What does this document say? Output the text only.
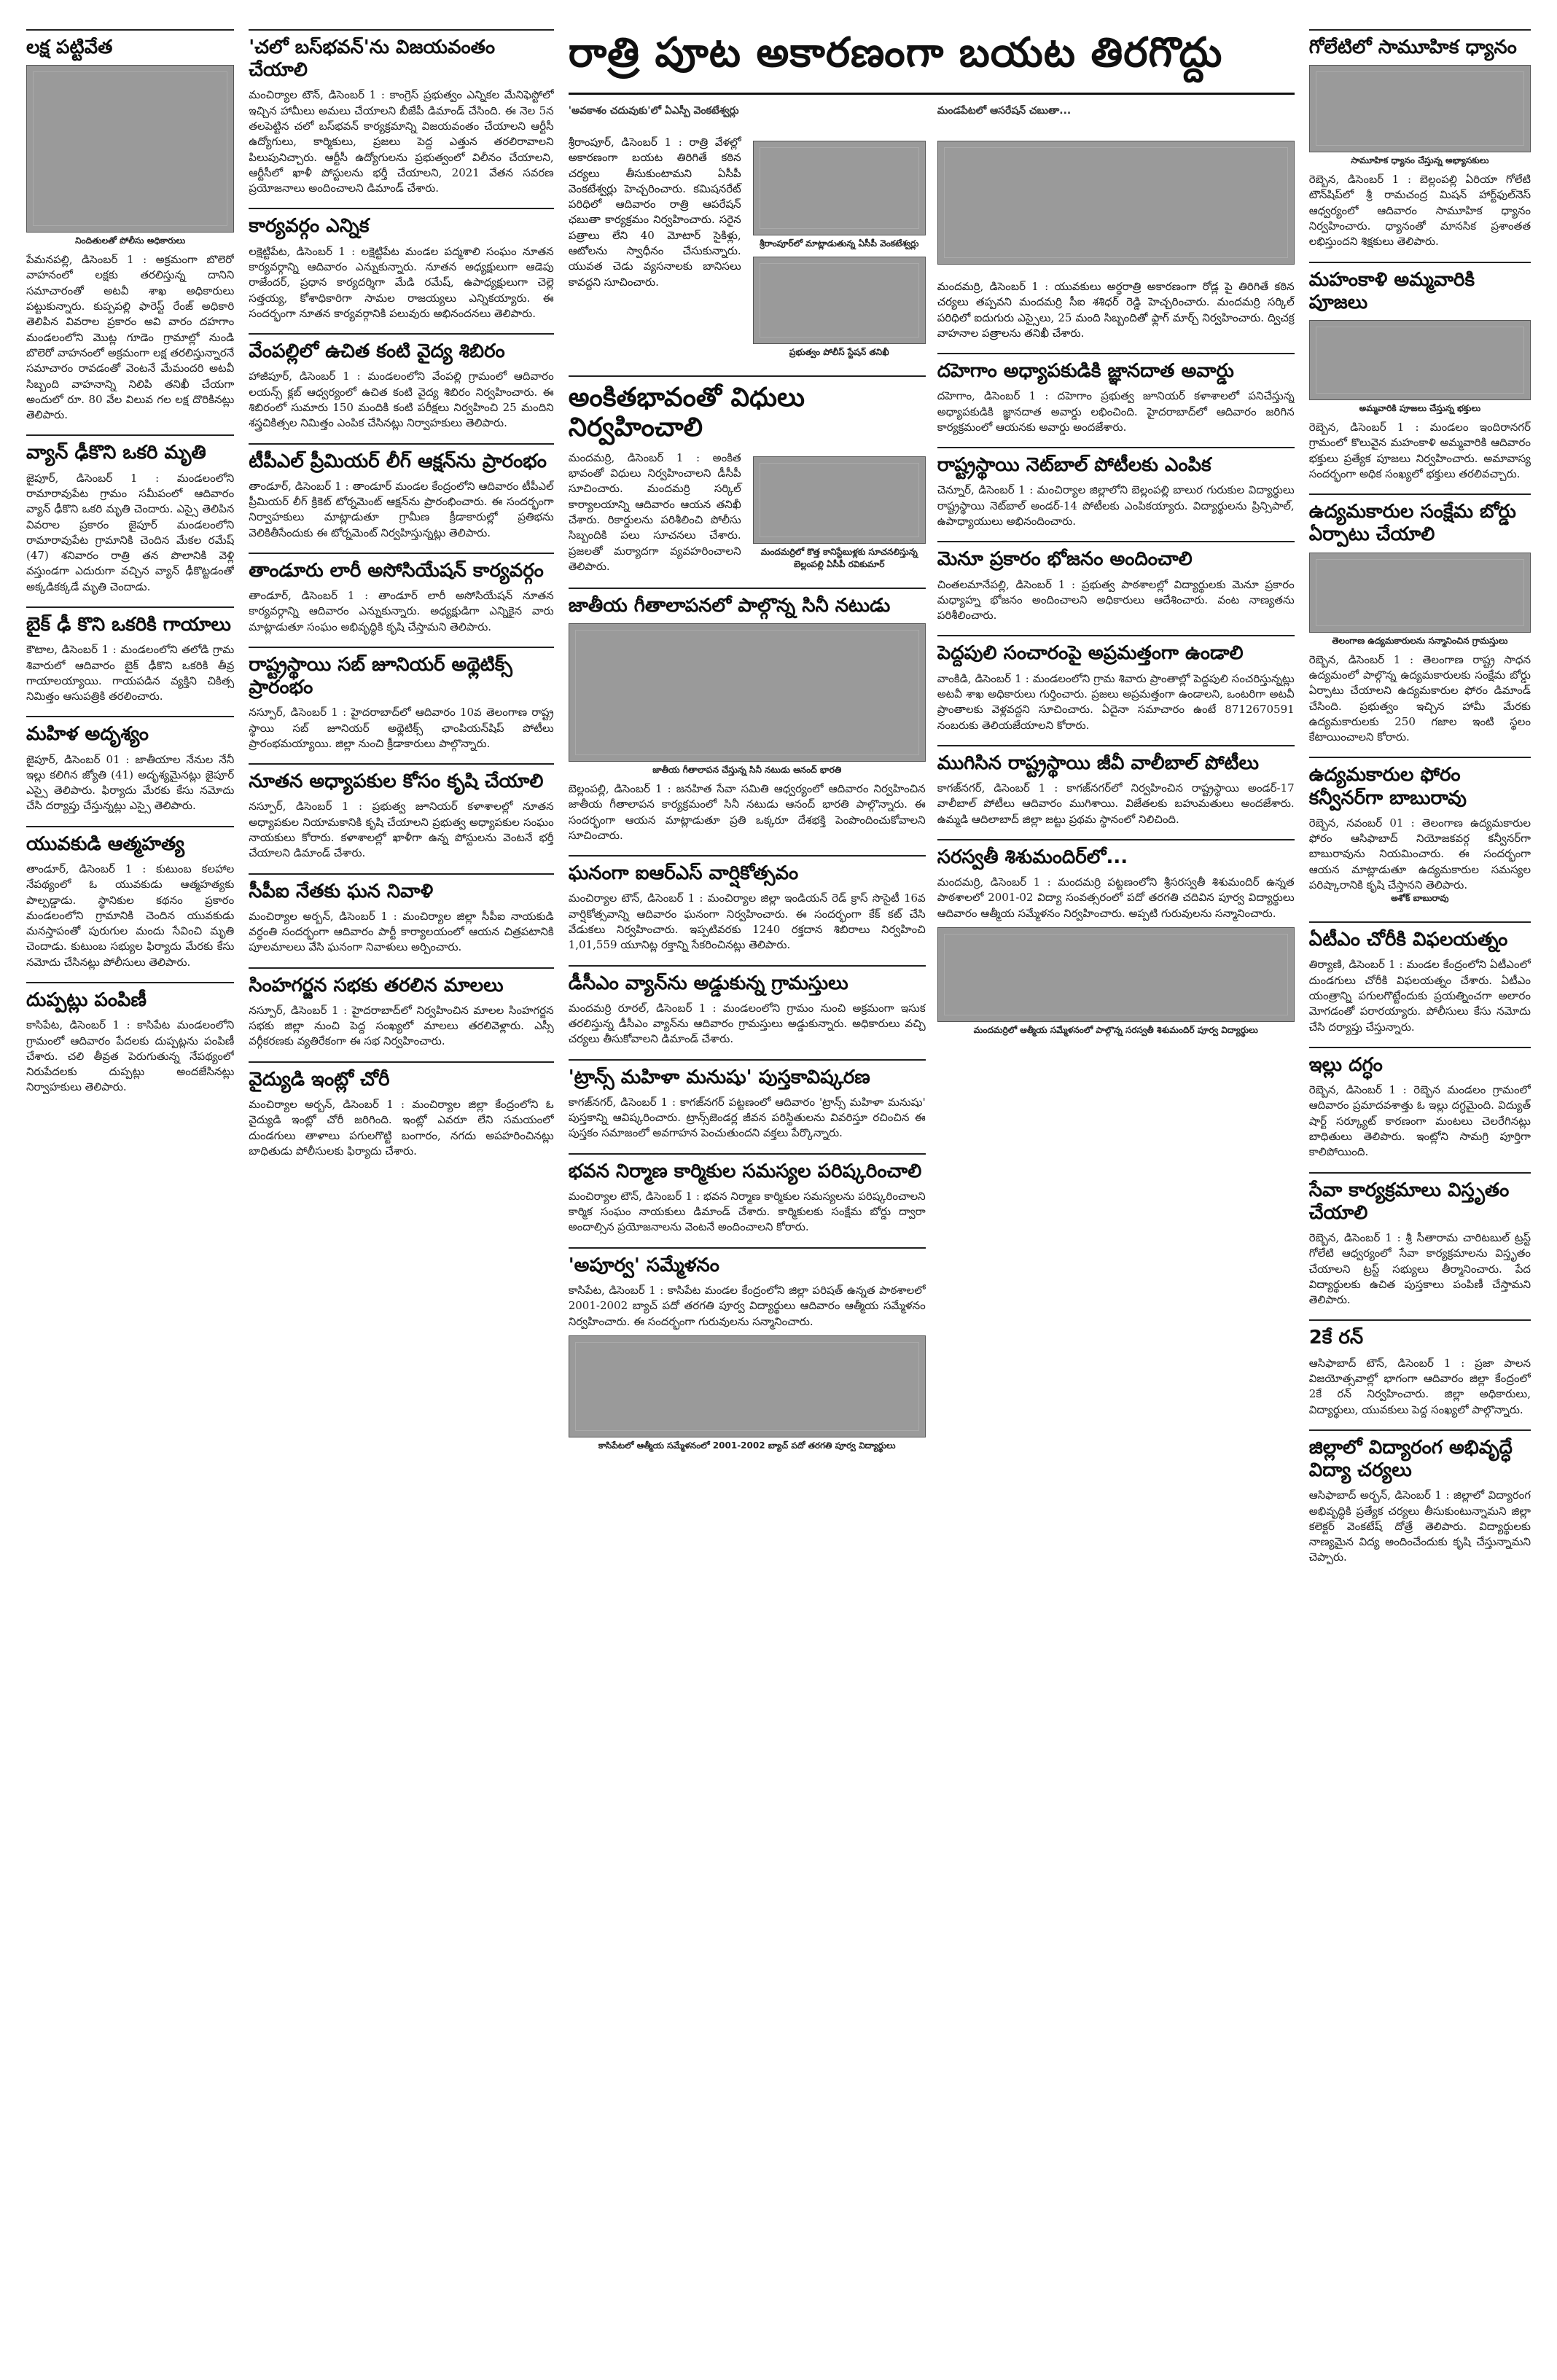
లక్ష పట్టివేత
నిందితులతో పోలీసు అధికారులు

పేమనపల్లి, డిసెంబర్ 1 : అక్రమంగా బొలెరో వాహనంలో లక్షకు తరలిస్తున్న దానిని సమాచారంతో అటవీ శాఖ అధికారులు పట్టుకున్నారు. కుప్పపల్లి ఫారెస్ట్ రేంజ్ అధికారి తెలిపిన వివరాల ప్రకారం అవి వారం దహగాం మండలంలోని మొట్ల గూడెం గ్రామాల్లో నుండి బొలెరో వాహనంలో అక్రమంగా లక్ష తరలిస్తున్నారనే సమాచారం రావడంతో వెంటనే మేమందరి అటవీ సిబ్బంది వాహనాన్ని నిలిపి తనిఖీ చేయగా అందులో రూ. 80 వేల విలువ గల లక్ష దొరికినట్లు తెలిపారు.

వ్యాన్ ఢీకొని ఒకరి మృతి

జైపూర్, డిసెంబర్ 1 : మండలంలోని రామారావుపేట గ్రామం సమీపంలో ఆదివారం వ్యాన్ ఢీకొని ఒకరి మృతి చెందారు. ఎస్సై తెలిపిన వివరాల ప్రకారం జైపూర్ మండలంలోని రామారావుపేట గ్రామానికి చెందిన మేకల రమేష్ (47) శనివారం రాత్రి తన పొలానికి వెళ్లి వస్తుండగా ఎదురుగా వచ్చిన వ్యాన్ ఢీకొట్టడంతో అక్కడికక్కడే మృతి చెందాడు.

బైక్ ఢీ కొని ఒకరికి గాయాలు

కౌటాల, డిసెంబర్ 1 : మండలంలోని తలోడి గ్రామ శివారులో ఆదివారం బైక్ ఢీకొని ఒకరికి తీవ్ర గాయాలయ్యాయి. గాయపడిన వ్యక్తిని చికిత్స నిమిత్తం ఆసుపత్రికి తరలించారు.

మహిళ అదృశ్యం

జైపూర్, డిసెంబర్ 01 : జాతీయాల నేనుల నేనీ ఇల్లు కలిగిన జ్యోతి (41) అదృశ్యమైనట్లు జైపూర్ ఎస్సై తెలిపారు. ఫిర్యాదు మేరకు కేసు నమోదు చేసి దర్యాప్తు చేస్తున్నట్లు ఎస్సై తెలిపారు.

యువకుడి ఆత్మహత్య

తాండూర్, డిసెంబర్ 1 : కుటుంబ కలహాల నేపథ్యంలో ఓ యువకుడు ఆత్మహత్యకు పాల్పడ్డాడు. స్థానికుల కథనం ప్రకారం మండలంలోని గ్రామానికి చెందిన యువకుడు మనస్తాపంతో పురుగుల మందు సేవించి మృతి చెందాడు. కుటుంబ సభ్యుల ఫిర్యాదు మేరకు కేసు నమోదు చేసినట్లు పోలీసులు తెలిపారు.

దుప్పట్లు పంపిణీ

కాసిపేట, డిసెంబర్ 1 : కాసిపేట మండలంలోని గ్రామంలో ఆదివారం పేదలకు దుప్పట్లను పంపిణీ చేశారు. చలి తీవ్రత పెరుగుతున్న నేపథ్యంలో నిరుపేదలకు దుప్పట్లు అందజేసినట్లు నిర్వాహకులు తెలిపారు.

'చలో బస్‌భవన్'ను విజయవంతం చేయాలి

మంచిర్యాల టౌన్, డిసెంబర్ 1 : కాంగ్రెస్ ప్రభుత్వం ఎన్నికల మేనిఫెస్టోలో ఇచ్చిన హామీలు అమలు చేయాలని బీజేపీ డిమాండ్ చేసింది. ఈ నెల 5న తలపెట్టిన చలో బస్‌భవన్ కార్యక్రమాన్ని విజయవంతం చేయాలని ఆర్టీసీ ఉద్యోగులు, కార్మికులు, ప్రజలు పెద్ద ఎత్తున తరలిరావాలని పిలుపునిచ్చారు. ఆర్టీసీ ఉద్యోగులను ప్రభుత్వంలో విలీనం చేయాలని, ఆర్టీసీలో ఖాళీ పోస్టులను భర్తీ చేయాలని, 2021 వేతన సవరణ ప్రయోజనాలు అందించాలని డిమాండ్ చేశారు.

కార్యవర్గం ఎన్నిక

లక్షెట్టిపేట, డిసెంబర్ 1 : లక్షెట్టిపేట మండల పద్మశాలి సంఘం నూతన కార్యవర్గాన్ని ఆదివారం ఎన్నుకున్నారు. నూతన అధ్యక్షులుగా ఆడెపు రాజేందర్, ప్రధాన కార్యదర్శిగా మేడి రమేష్, ఉపాధ్యక్షులుగా చెల్లె సత్తయ్య, కోశాధికారిగా సామల రాజయ్యలు ఎన్నికయ్యారు. ఈ సందర్భంగా నూతన కార్యవర్గానికి పలువురు అభినందనలు తెలిపారు.

వేంపల్లిలో ఉచిత కంటి వైద్య శిబిరం

హాజీపూర్, డిసెంబర్ 1 : మండలంలోని వేంపల్లి గ్రామంలో ఆదివారం లయన్స్ క్లబ్ ఆధ్వర్యంలో ఉచిత కంటి వైద్య శిబిరం నిర్వహించారు. ఈ శిబిరంలో సుమారు 150 మందికి కంటి పరీక్షలు నిర్వహించి 25 మందిని శస్త్రచికిత్సల నిమిత్తం ఎంపిక చేసినట్లు నిర్వాహకులు తెలిపారు.

టీపీఎల్ ప్రీమియర్ లీగ్ ఆక్షన్‌ను ప్రారంభం

తాండూర్, డిసెంబర్ 1 : తాండూర్ మండల కేంద్రంలోని ఆదివారం టీపీఎల్ ప్రీమియర్ లీగ్ క్రికెట్ టోర్నమెంట్ ఆక్షన్‌ను ప్రారంభించారు. ఈ సందర్భంగా నిర్వాహకులు మాట్లాడుతూ గ్రామీణ క్రీడాకారుల్లో ప్రతిభను వెలికితీసేందుకు ఈ టోర్నమెంట్ నిర్వహిస్తున్నట్లు తెలిపారు.

తాండూరు లారీ అసోసియేషన్ కార్యవర్గం

తాండూర్, డిసెంబర్ 1 : తాండూర్ లారీ అసోసియేషన్ నూతన కార్యవర్గాన్ని ఆదివారం ఎన్నుకున్నారు. అధ్యక్షుడిగా ఎన్నికైన వారు మాట్లాడుతూ సంఘం అభివృద్ధికి కృషి చేస్తామని తెలిపారు.

రాష్ట్రస్థాయి సబ్ జూనియర్ అథ్లెటిక్స్ ప్రారంభం

నస్పూర్, డిసెంబర్ 1 : హైదరాబాద్‌లో ఆదివారం 10వ తెలంగాణ రాష్ట్ర స్థాయి సబ్ జూనియర్ అథ్లెటిక్స్ ఛాంపియన్‌షిప్ పోటీలు ప్రారంభమయ్యాయి. జిల్లా నుంచి క్రీడాకారులు పాల్గొన్నారు.

నూతన అధ్యాపకుల కోసం కృషి చేయాలి

నస్పూర్, డిసెంబర్ 1 : ప్రభుత్వ జూనియర్ కళాశాలల్లో నూతన అధ్యాపకుల నియామకానికి కృషి చేయాలని ప్రభుత్వ అధ్యాపకుల సంఘం నాయకులు కోరారు. కళాశాలల్లో ఖాళీగా ఉన్న పోస్టులను వెంటనే భర్తీ చేయాలని డిమాండ్ చేశారు.

సీపీఐ నేతకు ఘన నివాళి

మంచిర్యాల అర్బన్, డిసెంబర్ 1 : మంచిర్యాల జిల్లా సీపీఐ నాయకుడి వర్ధంతి సందర్భంగా ఆదివారం పార్టీ కార్యాలయంలో ఆయన చిత్రపటానికి పూలమాలలు వేసి ఘనంగా నివాళులు అర్పించారు.

సింహగర్జన సభకు తరలిన మాలలు

నస్పూర్, డిసెంబర్ 1 : హైదరాబాద్‌లో నిర్వహించిన మాలల సింహగర్జన సభకు జిల్లా నుంచి పెద్ద సంఖ్యలో మాలలు తరలివెళ్లారు. ఎస్సీ వర్గీకరణకు వ్యతిరేకంగా ఈ సభ నిర్వహించారు.

వైద్యుడి ఇంట్లో చోరీ

మంచిర్యాల అర్బన్, డిసెంబర్ 1 : మంచిర్యాల జిల్లా కేంద్రంలోని ఓ వైద్యుడి ఇంట్లో చోరీ జరిగింది. ఇంట్లో ఎవరూ లేని సమయంలో దుండగులు తాళాలు పగులగొట్టి బంగారం, నగదు అపహరించినట్లు బాధితుడు పోలీసులకు ఫిర్యాదు చేశారు.

రాత్రి పూట అకారణంగా బయట తిరగొద్దు
'అవకాశం చదువుకు'లో ఏఎస్పీ వెంకటేశ్వర్లు

శ్రీరాంపూర్, డిసెంబర్ 1 : రాత్రి వేళల్లో అకారణంగా బయట తిరిగితే కఠిన చర్యలు తీసుకుంటామని ఏసీపీ వెంకటేశ్వర్లు హెచ్చరించారు. కమిషనరేట్ పరిధిలో ఆదివారం రాత్రి ఆపరేషన్ ఛబుతా కార్యక్రమం నిర్వహించారు. సరైన పత్రాలు లేని 40 మోటార్ సైకిళ్లు, ఆటోలను స్వాధీనం చేసుకున్నారు. యువత చెడు వ్యసనాలకు బానిసలు కావద్దని సూచించారు.

శ్రీరాంపూర్‌లో మాట్లాడుతున్న ఏసీపీ వెంకటేశ్వర్లు
ప్రభుత్వం పోలీస్ స్టేషన్ తనిఖీ
అంకితభావంతో విధులు నిర్వహించాలి

మందమర్రి, డిసెంబర్ 1 : అంకిత భావంతో విధులు నిర్వహించాలని డీసీపీ సూచించారు. మందమర్రి సర్కిల్ కార్యాలయాన్ని ఆదివారం ఆయన తనిఖీ చేశారు. రికార్డులను పరిశీలించి పోలీసు సిబ్బందికి పలు సూచనలు చేశారు. ప్రజలతో మర్యాదగా వ్యవహరించాలని తెలిపారు.

మందమర్రిలో కొత్త కానిస్టేబుళ్లకు సూచనలిస్తున్న బెల్లంపల్లి ఏసీపీ రవికుమార్
జాతీయ గీతాలాపనలో పాల్గొన్న సినీ నటుడు
జాతీయ గీతాలాపన చేస్తున్న సినీ నటుడు ఆనంద్ భారతి

బెల్లంపల్లి, డిసెంబర్ 1 : జనహిత సేవా సమితి ఆధ్వర్యంలో ఆదివారం నిర్వహించిన జాతీయ గీతాలాపన కార్యక్రమంలో సినీ నటుడు ఆనంద్ భారతి పాల్గొన్నారు. ఈ సందర్భంగా ఆయన మాట్లాడుతూ ప్రతి ఒక్కరూ దేశభక్తి పెంపొందించుకోవాలని సూచించారు.

ఘనంగా ఐఆర్ఎస్ వార్షికోత్సవం

మంచిర్యాల టౌన్, డిసెంబర్ 1 : మంచిర్యాల జిల్లా ఇండియన్ రెడ్ క్రాస్ సొసైటీ 16వ వార్షికోత్సవాన్ని ఆదివారం ఘనంగా నిర్వహించారు. ఈ సందర్భంగా కేక్ కట్ చేసి వేడుకలు నిర్వహించారు. ఇప్పటివరకు 1240 రక్తదాన శిబిరాలు నిర్వహించి 1,01,559 యూనిట్ల రక్తాన్ని సేకరించినట్లు తెలిపారు.

డీసీఎం వ్యాన్‌ను అడ్డుకున్న గ్రామస్తులు

మందమర్రి రూరల్, డిసెంబర్ 1 : మండలంలోని గ్రామం నుంచి అక్రమంగా ఇసుక తరలిస్తున్న డీసీఎం వ్యాన్‌ను ఆదివారం గ్రామస్తులు అడ్డుకున్నారు. అధికారులు వచ్చి చర్యలు తీసుకోవాలని డిమాండ్ చేశారు.

'ట్రాన్స్ మహిళా మనుషు' పుస్తకావిష్కరణ

కాగజ్‌నగర్, డిసెంబర్ 1 : కాగజ్‌నగర్ పట్టణంలో ఆదివారం 'ట్రాన్స్ మహిళా మనుషు' పుస్తకాన్ని ఆవిష్కరించారు. ట్రాన్స్‌జెండర్ల జీవన పరిస్థితులను వివరిస్తూ రచించిన ఈ పుస్తకం సమాజంలో అవగాహన పెంచుతుందని వక్తలు పేర్కొన్నారు.

భవన నిర్మాణ కార్మికుల సమస్యల పరిష్కరించాలి

మంచిర్యాల టౌన్, డిసెంబర్ 1 : భవన నిర్మాణ కార్మికుల సమస్యలను పరిష్కరించాలని కార్మిక సంఘం నాయకులు డిమాండ్ చేశారు. కార్మికులకు సంక్షేమ బోర్డు ద్వారా అందాల్సిన ప్రయోజనాలను వెంటనే అందించాలని కోరారు.

'అపూర్వ' సమ్మేళనం

కాసిపేట, డిసెంబర్ 1 : కాసిపేట మండల కేంద్రంలోని జిల్లా పరిషత్ ఉన్నత పాఠశాలలో 2001-2002 బ్యాచ్ పదో తరగతి పూర్వ విద్యార్థులు ఆదివారం ఆత్మీయ సమ్మేళనం నిర్వహించారు. ఈ సందర్భంగా గురువులను సన్మానించారు.

కాసిపేటలో ఆత్మీయ సమ్మేళనంలో 2001-2002 బ్యాచ్ పదో తరగతి పూర్వ విద్యార్థులు
మండపేటలో ఆసరేషన్ చబుతా...

మందమర్రి, డిసెంబర్ 1 : యువకులు అర్ధరాత్రి అకారణంగా రోడ్ల పై తిరిగితే కఠిన చర్యలు తప్పవని మందమర్రి సీఐ శశిధర్ రెడ్డి హెచ్చరించారు. మందమర్రి సర్కిల్ పరిధిలో ఐదుగురు ఎస్సైలు, 25 మంది సిబ్బందితో ఫ్లాగ్ మార్చ్ నిర్వహించారు. ద్విచక్ర వాహనాల పత్రాలను తనిఖీ చేశారు.

దహెగాం అధ్యాపకుడికి జ్ఞానదాత అవార్డు

దహెగాం, డిసెంబర్ 1 : దహెగాం ప్రభుత్వ జూనియర్ కళాశాలలో పనిచేస్తున్న అధ్యాపకుడికి జ్ఞానదాత అవార్డు లభించింది. హైదరాబాద్‌లో ఆదివారం జరిగిన కార్యక్రమంలో ఆయనకు అవార్డు అందజేశారు.

రాష్ట్రస్థాయి నెట్‌బాల్ పోటీలకు ఎంపిక

చెన్నూర్, డిసెంబర్ 1 : మంచిర్యాల జిల్లాలోని బెల్లంపల్లి బాలుర గురుకుల విద్యార్థులు రాష్ట్రస్థాయి నెట్‌బాల్ అండర్-14 పోటీలకు ఎంపికయ్యారు. విద్యార్థులను ప్రిన్సిపాల్, ఉపాధ్యాయులు అభినందించారు.

మెనూ ప్రకారం భోజనం అందించాలి

చింతలమానేపల్లి, డిసెంబర్ 1 : ప్రభుత్వ పాఠశాలల్లో విద్యార్థులకు మెనూ ప్రకారం మధ్యాహ్న భోజనం అందించాలని అధికారులు ఆదేశించారు. వంట నాణ్యతను పరిశీలించారు.

పెద్దపులి సంచారంపై అప్రమత్తంగా ఉండాలి

వాంకిడి, డిసెంబర్ 1 : మండలంలోని గ్రామ శివారు ప్రాంతాల్లో పెద్దపులి సంచరిస్తున్నట్లు అటవీ శాఖ అధికారులు గుర్తించారు. ప్రజలు అప్రమత్తంగా ఉండాలని, ఒంటరిగా అటవీ ప్రాంతాలకు వెళ్లవద్దని సూచించారు. ఏదైనా సమాచారం ఉంటే 8712670591 నంబరుకు తెలియజేయాలని కోరారు.

ముగిసిన రాష్ట్రస్థాయి జీవీ వాలీబాల్ పోటీలు

కాగజ్‌నగర్, డిసెంబర్ 1 : కాగజ్‌నగర్‌లో నిర్వహించిన రాష్ట్రస్థాయి అండర్-17 వాలీబాల్ పోటీలు ఆదివారం ముగిశాయి. విజేతలకు బహుమతులు అందజేశారు. ఉమ్మడి ఆదిలాబాద్ జిల్లా జట్టు ప్రథమ స్థానంలో నిలిచింది.

సరస్వతీ శిశుమందిర్‌లో...

మందమర్రి, డిసెంబర్ 1 : మందమర్రి పట్టణంలోని శ్రీసరస్వతీ శిశుమందిర్ ఉన్నత పాఠశాలలో 2001-02 విద్యా సంవత్సరంలో పదో తరగతి చదివిన పూర్వ విద్యార్థులు ఆదివారం ఆత్మీయ సమ్మేళనం నిర్వహించారు. అప్పటి గురువులను సన్మానించారు.

మందమర్రిలో ఆత్మీయ సమ్మేళనంలో పాల్గొన్న సరస్వతీ శిశుమందిర్ పూర్వ విద్యార్థులు
గోలేటిలో సామూహిక ధ్యానం
సామూహిక ధ్యానం చేస్తున్న అభ్యాసకులు

రెబ్బెన, డిసెంబర్ 1 : బెల్లంపల్లి ఏరియా గోలేటి టౌన్‌షిప్‌లో శ్రీ రామచంద్ర మిషన్ హార్ట్‌ఫుల్‌నెస్ ఆధ్వర్యంలో ఆదివారం సామూహిక ధ్యానం నిర్వహించారు. ధ్యానంతో మానసిక ప్రశాంతత లభిస్తుందని శిక్షకులు తెలిపారు.

మహంకాళి అమ్మవారికి పూజలు
అమ్మవారికి పూజలు చేస్తున్న భక్తులు

రెబ్బెన, డిసెంబర్ 1 : మండలం ఇందిరానగర్ గ్రామంలో కొలువైన మహంకాళి అమ్మవారికి ఆదివారం భక్తులు ప్రత్యేక పూజలు నిర్వహించారు. అమావాస్య సందర్భంగా అధిక సంఖ్యలో భక్తులు తరలివచ్చారు.

ఉద్యమకారుల సంక్షేమ బోర్డు ఏర్పాటు చేయాలి
తెలంగాణ ఉద్యమకారులను సన్మానించిన గ్రామస్తులు

రెబ్బెన, డిసెంబర్ 1 : తెలంగాణ రాష్ట్ర సాధన ఉద్యమంలో పాల్గొన్న ఉద్యమకారులకు సంక్షేమ బోర్డు ఏర్పాటు చేయాలని ఉద్యమకారుల ఫోరం డిమాండ్ చేసింది. ప్రభుత్వం ఇచ్చిన హామీ మేరకు ఉద్యమకారులకు 250 గజాల ఇంటి స్థలం కేటాయించాలని కోరారు.

ఉద్యమకారుల ఫోరం కన్వీనర్‌గా బాబురావు

రెబ్బెన, నవంబర్ 01 : తెలంగాణ ఉద్యమకారుల ఫోరం ఆసిఫాబాద్ నియోజకవర్గ కన్వీనర్‌గా బాబురావును నియమించారు. ఈ సందర్భంగా ఆయన మాట్లాడుతూ ఉద్యమకారుల సమస్యల పరిష్కారానికి కృషి చేస్తానని తెలిపారు.

అశోక్ బాబురావు
ఏటీఎం చోరీకి విఫలయత్నం

తిర్యాణి, డిసెంబర్ 1 : మండల కేంద్రంలోని ఏటీఎంలో దుండగులు చోరీకి విఫలయత్నం చేశారు. ఏటీఎం యంత్రాన్ని పగులగొట్టేందుకు ప్రయత్నించగా అలారం మోగడంతో పరారయ్యారు. పోలీసులు కేసు నమోదు చేసి దర్యాప్తు చేస్తున్నారు.

ఇల్లు దగ్ధం

రెబ్బెన, డిసెంబర్ 1 : రెబ్బెన మండలం గ్రామంలో ఆదివారం ప్రమాదవశాత్తు ఓ ఇల్లు దగ్ధమైంది. విద్యుత్ షార్ట్ సర్క్యూట్ కారణంగా మంటలు చెలరేగినట్లు బాధితులు తెలిపారు. ఇంట్లోని సామగ్రి పూర్తిగా కాలిపోయింది.

సేవా కార్యక్రమాలు విస్తృతం చేయాలి

రెబ్బెన, డిసెంబర్ 1 : శ్రీ సీతారామ చారిటబుల్ ట్రస్ట్ గోలేటి ఆధ్వర్యంలో సేవా కార్యక్రమాలను విస్తృతం చేయాలని ట్రస్ట్ సభ్యులు తీర్మానించారు. పేద విద్యార్థులకు ఉచిత పుస్తకాలు పంపిణీ చేస్తామని తెలిపారు.

2కే రన్

ఆసిఫాబాద్ టౌన్, డిసెంబర్ 1 : ప్రజా పాలన విజయోత్సవాల్లో భాగంగా ఆదివారం జిల్లా కేంద్రంలో 2కే రన్ నిర్వహించారు. జిల్లా అధికారులు, విద్యార్థులు, యువకులు పెద్ద సంఖ్యలో పాల్గొన్నారు.

జిల్లాలో విద్యారంగ అభివృద్ధే విద్యా చర్యలు

ఆసిఫాబాద్ అర్బన్, డిసెంబర్ 1 : జిల్లాలో విద్యారంగ అభివృద్ధికి ప్రత్యేక చర్యలు తీసుకుంటున్నామని జిల్లా కలెక్టర్ వెంకటేష్ దోత్రే తెలిపారు. విద్యార్థులకు నాణ్యమైన విద్య అందించేందుకు కృషి చేస్తున్నామని చెప్పారు.
